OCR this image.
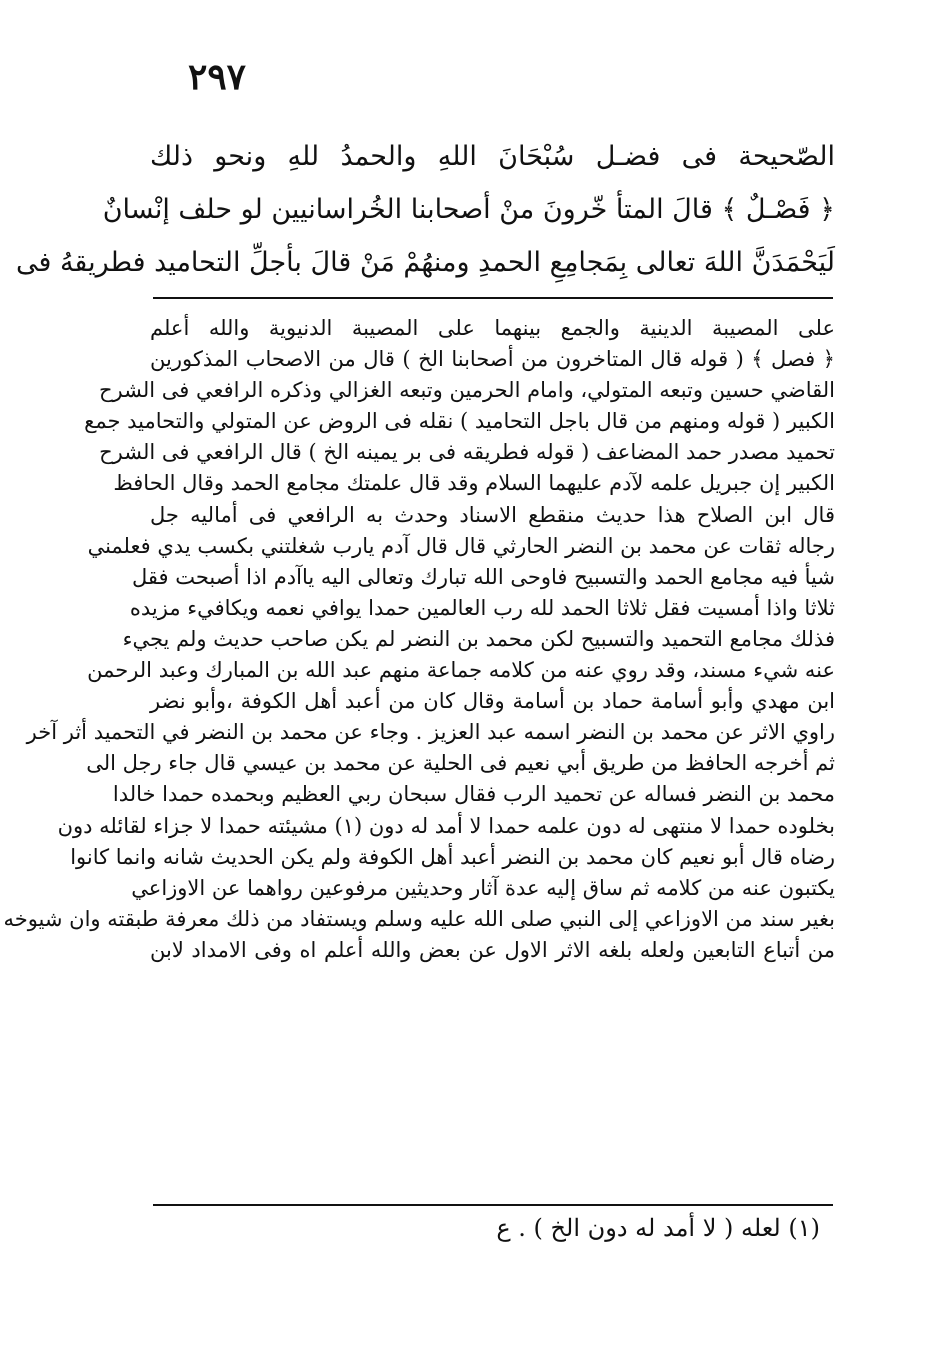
٢٩٧
الصّحيحة فى فضـل سُبْحَانَ اللهِ والحمدُ للهِ ونحو ذلك
﴿ فَصْـلٌ ﴾ قالَ المتأ خّرونَ منْ أصحابنا الخُراسانيين لو حلف إنْسانٌ
لَيَحْمَدَنَّ اللهَ تعالى بِمَجامِعِ الحمدِ ومنهُمْ مَنْ قالَ بأجلِّ التحاميد فطريقهُ فى
على المصيبة الدينية والجمع بينهما على المصيبة الدنيوية والله أعلم
﴿ فصل ﴾ ( قوله قال المتاخرون من أصحابنا الخ ) قال من الاصحاب المذكورين
القاضي حسين وتبعه المتولي، وامام الحرمين وتبعه الغزالي وذكره الرافعي فى الشرح
الكبير ( قوله ومنهم من قال باجل التحاميد ) نقله فى الروض عن المتولي والتحاميد جمع
تحميد مصدر حمد المضاعف ( قوله فطريقه فى بر يمينه الخ ) قال الرافعي فى الشرح
الكبير إن جبريل علمه لآدم عليهما السلام وقد قال علمتك مجامع الحمد وقال الحافظ
قال ابن الصلاح هذا حديث منقطع الاسناد وحدث به الرافعي فى أماليه جل
رجاله ثقات عن محمد بن النضر الحارثي قال قال آدم يارب شغلتني بكسب يدي فعلمني
شيأ فيه مجامع الحمد والتسبيح فاوحى الله تبارك وتعالى اليه ياآدم اذا أصبحت فقل
ثلاثا واذا أمسيت فقل ثلاثا الحمد لله رب العالمين حمدا يوافي نعمه ويكافيء مزيده
فذلك مجامع التحميد والتسبيح لكن محمد بن النضر لم يكن صاحب حديث ولم يجيء
عنه شيء مسند، وقد روي عنه من كلامه جماعة منهم عبد الله بن المبارك وعبد الرحمن
ابن مهدي وأبو أسامة حماد بن أسامة وقال كان من أعبد أهل الكوفة ،وأبو نضر
راوي الاثر عن محمد بن النضر اسمه عبد العزيز . وجاء عن محمد بن النضر في التحميد أثر آخر
ثم أخرجه الحافظ من طريق أبي نعيم فى الحلية عن محمد بن عيسي قال جاء رجل الى
محمد بن النضر فساله عن تحميد الرب فقال سبحان ربي العظيم وبحمده حمدا خالدا
بخلوده حمدا لا منتهى له دون علمه حمدا لا أمد له دون (١) مشيئته حمدا لا جزاء لقائله دون
رضاه قال أبو نعيم كان محمد بن النضر أعبد أهل الكوفة ولم يكن الحديث شانه وانما كانوا
يكتبون عنه من كلامه ثم ساق إليه عدة آثار وحديثين مرفوعين رواهما عن الاوزاعي
بغير سند من الاوزاعي إلى النبي صلى الله عليه وسلم ويستفاد من ذلك معرفة طبقته وان شيوخه
من أتباع التابعين ولعله بلغه الاثر الاول عن بعض والله أعلم اه وفى الامداد لابن
(١) لعله ( لا أمد له دون الخ ) . ع
